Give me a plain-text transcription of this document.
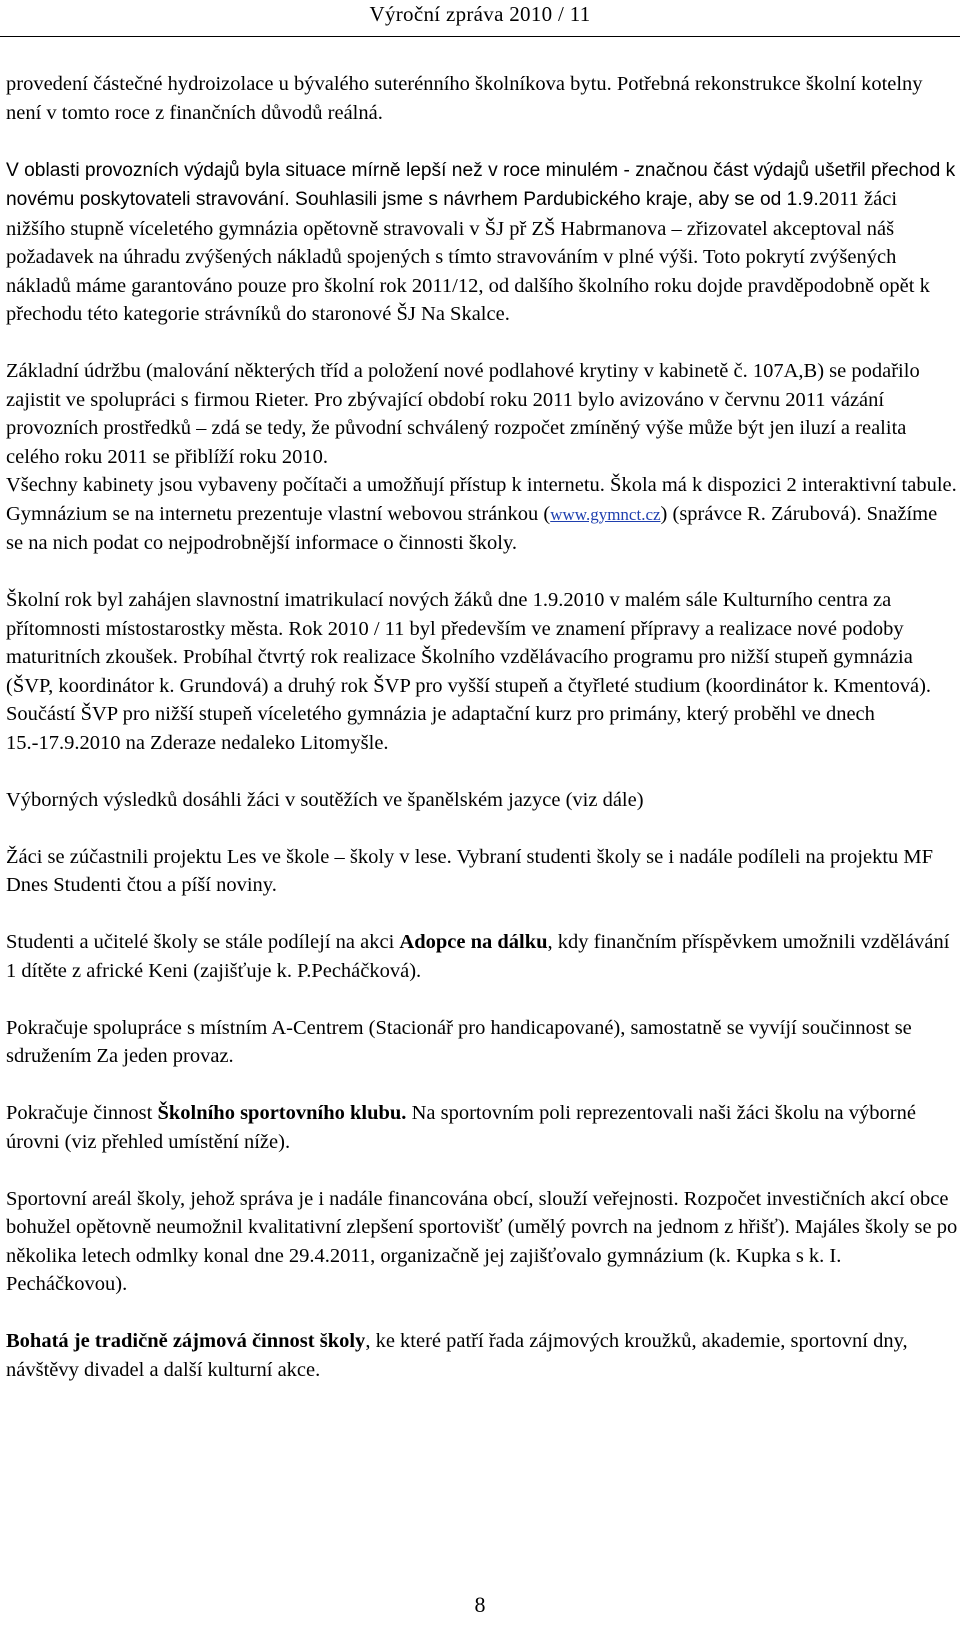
Výroční zpráva 2010 / 11

provedení částečné hydroizolace u bývalého suterénního školníkova bytu. Potřebná rekonstrukce školní kotelny není v tomto roce z finančních důvodů reálná.

V oblasti provozních výdajů byla situace mírně lepší než v roce minulém - značnou část výdajů ušetřil přechod k novému poskytovateli stravování. Souhlasili jsme s návrhem Pardubického kraje, aby se od 1.9.2011 žáci nižšího stupně víceletého gymnázia opětovně stravovali v ŠJ př ZŠ Habrmanova – zřizovatel akceptoval náš požadavek na úhradu zvýšených nákladů spojených s tímto stravováním v plné výši. Toto pokrytí zvýšených nákladů máme garantováno pouze pro školní rok 2011/12, od dalšího školního roku dojde pravděpodobně opět k přechodu této kategorie strávníků do staronové ŠJ Na Skalce.

Základní údržbu (malování některých tříd a položení nové podlahové krytiny v kabinetě č. 107A,B) se podařilo zajistit ve spolupráci s firmou Rieter. Pro zbývající období roku 2011 bylo avizováno v červnu 2011 vázání provozních prostředků – zdá se tedy, že původní schválený rozpočet zmíněný výše může být jen iluzí a realita celého roku 2011 se přiblíží roku 2010.

Všechny kabinety jsou vybaveny počítači a umožňují přístup k internetu. Škola má k dispozici 2 interaktivní tabule. Gymnázium se na internetu prezentuje vlastní webovou stránkou (www.gymnct.cz) (správce R. Zárubová). Snažíme se na nich podat co nejpodrobnější informace o činnosti školy.

Školní rok byl zahájen slavnostní imatrikulací nových žáků dne 1.9.2010 v malém sále Kulturního centra za přítomnosti místostarostky města. Rok 2010 / 11 byl především ve znamení přípravy a realizace nové podoby maturitních zkoušek. Probíhal čtvrtý rok realizace Školního vzdělávacího programu pro nižší stupeň gymnázia (ŠVP, koordinátor k. Grundová) a druhý rok ŠVP pro vyšší stupeň a čtyřleté studium (koordinátor k. Kmentová). Součástí ŠVP pro nižší stupeň víceletého gymnázia je adaptační kurz pro primány, který proběhl ve dnech 15.-17.9.2010 na Zderaze nedaleko Litomyšle.

Výborných výsledků dosáhli žáci v soutěžích ve španělském jazyce (viz dále)

Žáci se zúčastnili projektu Les ve škole – školy v lese. Vybraní studenti školy se i nadále podíleli na projektu MF Dnes Studenti čtou a píší noviny.

Studenti a učitelé školy se stále podílejí na akci Adopce na dálku, kdy finančním příspěvkem umožnili vzdělávání 1 dítěte z africké Keni (zajišťuje k. P.Pecháčková).

Pokračuje spolupráce s místním A-Centrem (Stacionář pro handicapované), samostatně se vyvíjí součinnost se sdružením Za jeden provaz.

Pokračuje činnost Školního sportovního klubu. Na sportovním poli reprezentovali naši žáci školu na výborné úrovni (viz přehled umístění níže).

Sportovní areál školy, jehož správa je i nadále financována obcí, slouží veřejnosti. Rozpočet investičních akcí obce bohužel opětovně neumožnil kvalitativní zlepšení sportovišť (umělý povrch na jednom z hřišť). Majáles školy se po několika letech odmlky konal dne 29.4.2011, organizačně jej zajišťovalo gymnázium (k. Kupka s k. I. Pecháčkovou).

Bohatá je tradičně zájmová činnost školy, ke které patří řada zájmových kroužků, akademie, sportovní dny, návštěvy divadel a další kulturní akce.

8
